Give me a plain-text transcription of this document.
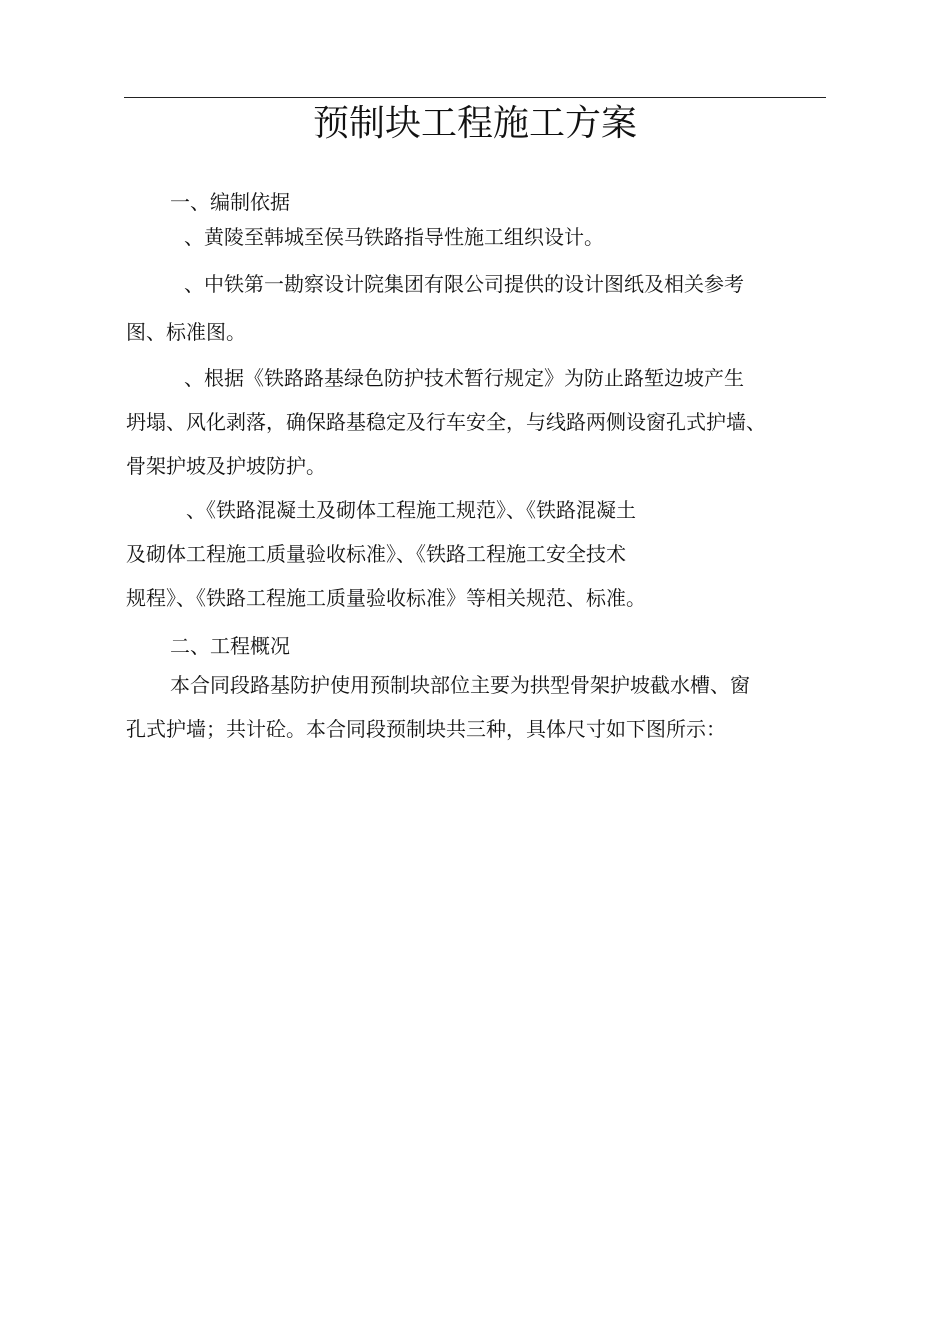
预制块工程施工方案

一、编制依据

、黄陵至韩城至侯马铁路指导性施工组织设计。

、中铁第一勘察设计院集团有限公司提供的设计图纸及相关参考

图、标准图。

、根据《铁路路基绿色防护技术暂行规定》为防止路堑边坡产生

坍塌、风化剥落，确保路基稳定及行车安全，与线路两侧设窗孔式护墙、

骨架护坡及护坡防护。

、《铁路混凝土及砌体工程施工规范》、《铁路混凝土

及砌体工程施工质量验收标准》、《铁路工程施工安全技术

规程》、《铁路工程施工质量验收标准》等相关规范、标准。

二、工程概况

本合同段路基防护使用预制块部位主要为拱型骨架护坡截水槽、窗

孔式护墙；共计砼。本合同段预制块共三种，具体尺寸如下图所示：
